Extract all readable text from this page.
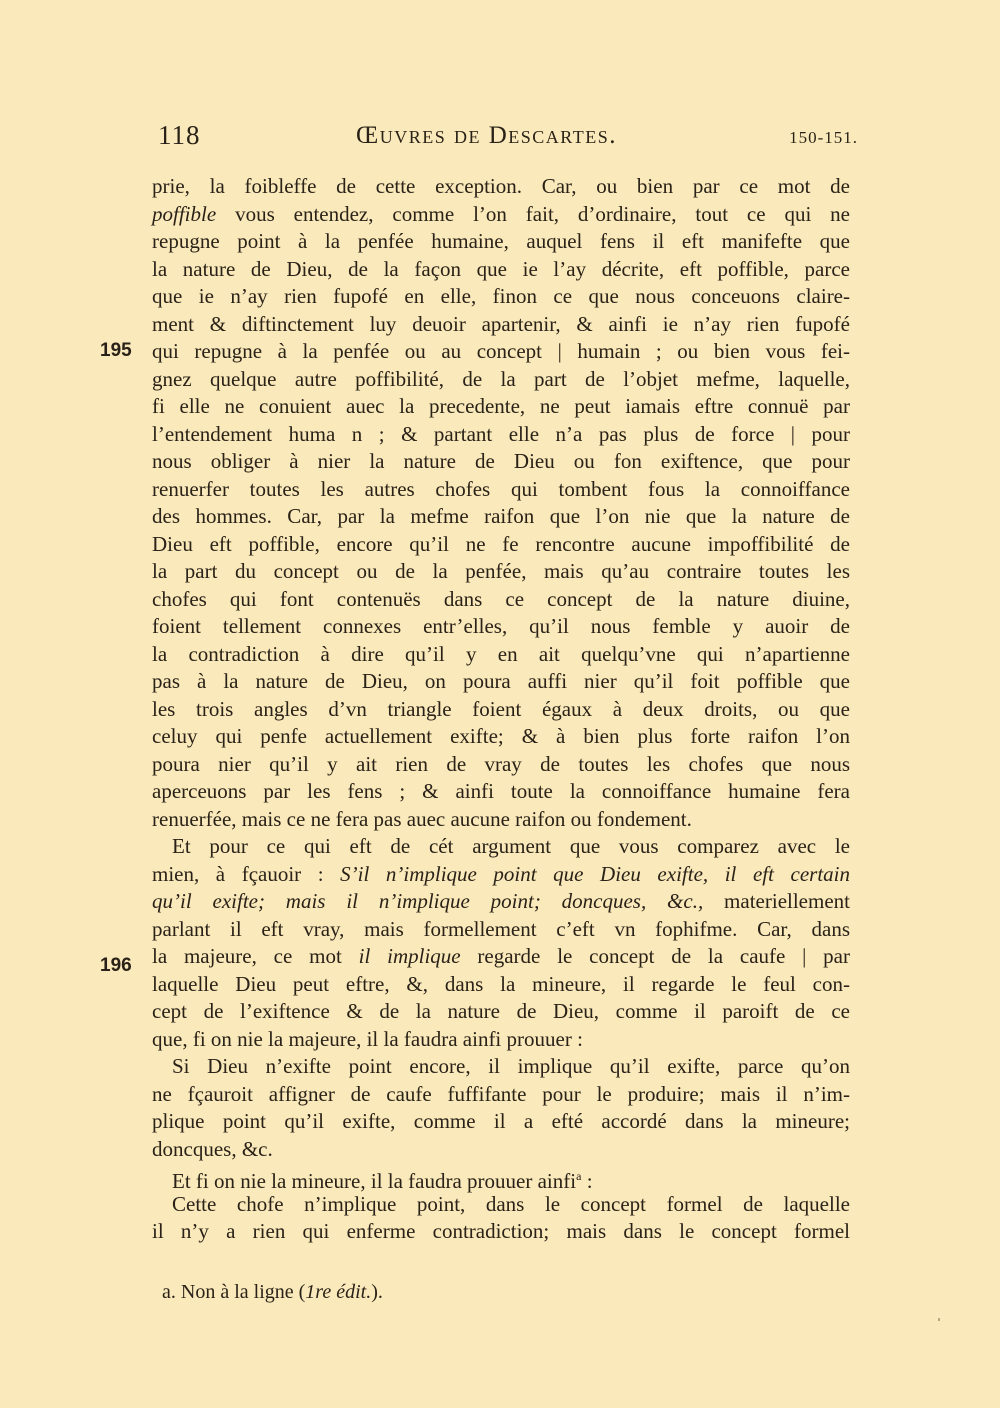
118	Œuvres de Descartes.	150-151.
195
196
prie, la foibleffe de cette exception. Car, ou bien par ce mot de
poffible vous entendez, comme l’on fait, d’ordinaire, tout ce qui ne
repugne point à la penfée humaine, auquel fens il eft manifefte que
la nature de Dieu, de la façon que ie l’ay décrite, eft poffible, parce
que ie n’ay rien fupofé en elle, finon ce que nous conceuons claire-
ment & diftinctement luy deuoir apartenir, & ainfi ie n’ay rien fupofé
qui repugne à la penfée ou au concept | humain ; ou bien vous fei-
gnez quelque autre poffibilité, de la part de l’objet mefme, laquelle,
fi elle ne conuient auec la precedente, ne peut iamais eftre connuë par
l’entendement huma n ; & partant elle n’a pas plus de force | pour
nous obliger à nier la nature de Dieu ou fon exiftence, que pour
renuerfer toutes les autres chofes qui tombent fous la connoiffance
des hommes. Car, par la mefme raifon que l’on nie que la nature de
Dieu eft poffible, encore qu’il ne fe rencontre aucune impoffibilité de
la part du concept ou de la penfée, mais qu’au contraire toutes les
chofes qui font contenuës dans ce concept de la nature diuine,
foient tellement connexes entr’elles, qu’il nous femble y auoir de
la contradiction à dire qu’il y en ait quelqu’vne qui n’apartienne
pas à la nature de Dieu, on poura auffi nier qu’il foit poffible que
les trois angles d’vn triangle foient égaux à deux droits, ou que
celuy qui penfe actuellement exifte; & à bien plus forte raifon l’on
poura nier qu’il y ait rien de vray de toutes les chofes que nous
aperceuons par les fens ; & ainfi toute la connoiffance humaine fera
renuerfée, mais ce ne fera pas auec aucune raifon ou fondement.
Et pour ce qui eft de cét argument que vous comparez avec le
mien, à fçauoir : S’il n’implique point que Dieu exifte, il eft certain
qu’il exifte; mais il n’implique point; doncques, &c., materiellement
parlant il eft vray, mais formellement c’eft vn fophifme. Car, dans
la majeure, ce mot il implique regarde le concept de la caufe | par
laquelle Dieu peut eftre, &, dans la mineure, il regarde le feul con-
cept de l’exiftence & de la nature de Dieu, comme il paroift de ce
que, fi on nie la majeure, il la faudra ainfi prouuer :
Si Dieu n’exifte point encore, il implique qu’il exifte, parce qu’on
ne fçauroit affigner de caufe fuffifante pour le produire; mais il n’im-
plique point qu’il exifte, comme il a efté accordé dans la mineure;
doncques, &c.
Et fi on nie la mineure, il la faudra prouuer ainfi$^a$ :
Cette chofe n’implique point, dans le concept formel de laquelle
il n’y a rien qui enferme contradiction; mais dans le concept formel
a. Non à la ligne (1re édit.).
